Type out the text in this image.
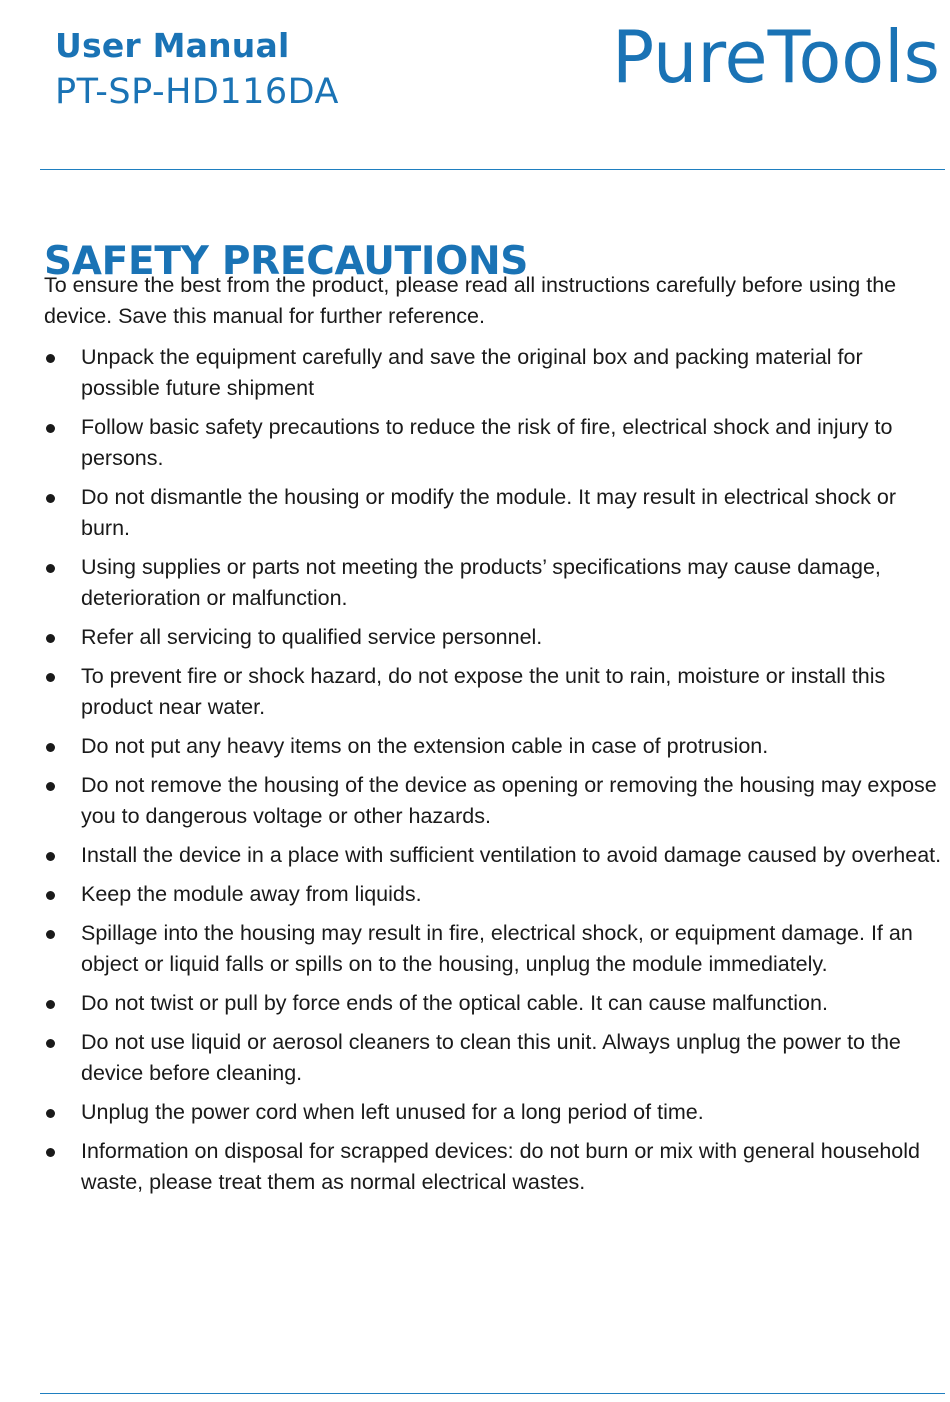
User Manual
PT-SP-HD116DA	PureTools
SAFETY PRECAUTIONS

To ensure the best from the product, please read all instructions carefully before using the device. Save this manual for further reference.

Unpack the equipment carefully and save the original box and packing material for possible future shipment
Follow basic safety precautions to reduce the risk of fire, electrical shock and injury to persons.
Do not dismantle the housing or modify the module. It may result in electrical shock or burn.
Using supplies or parts not meeting the products’ specifications may cause damage, deterioration or malfunction.
Refer all servicing to qualified service personnel.
To prevent fire or shock hazard, do not expose the unit to rain, moisture or install this product near water.
Do not put any heavy items on the extension cable in case of protrusion.
Do not remove the housing of the device as opening or removing the housing may expose you to dangerous voltage or other hazards.
Install the device in a place with sufficient ventilation to avoid damage caused by overheat.
Keep the module away from liquids.
Spillage into the housing may result in fire, electrical shock, or equipment damage. If an object or liquid falls or spills on to the housing, unplug the module immediately.
Do not twist or pull by force ends of the optical cable. It can cause malfunction.
Do not use liquid or aerosol cleaners to clean this unit. Always unplug the power to the device before cleaning.
Unplug the power cord when left unused for a long period of time.
Information on disposal for scrapped devices: do not burn or mix with general household waste, please treat them as normal electrical wastes.
